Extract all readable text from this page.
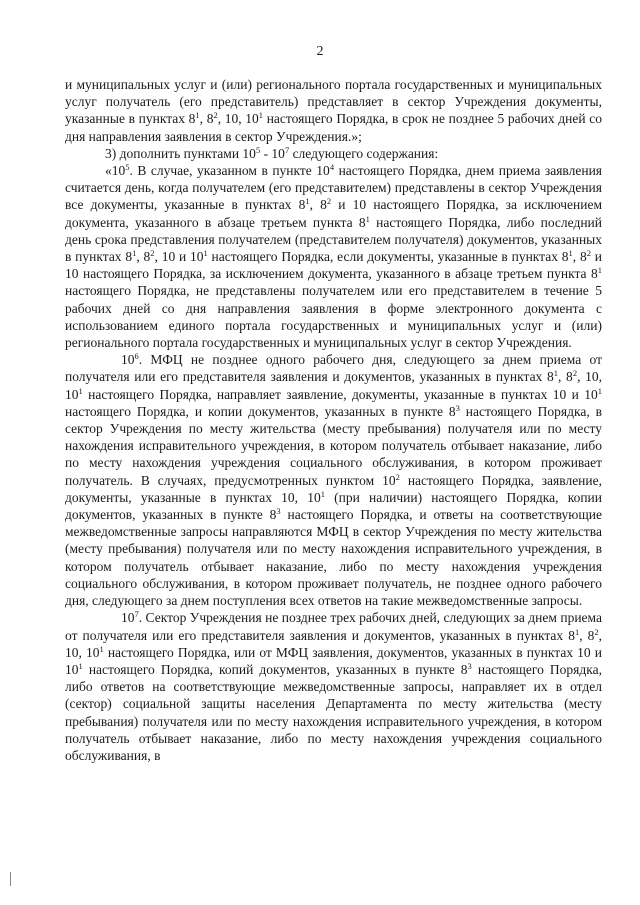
2

и муниципальных услуг и (или) регионального портала государственных и муниципальных услуг получатель (его представитель) представляет в сектор Учреждения документы, указанные в пунктах $8^1$, $8^2$, 10, $10^1$ настоящего Порядка, в срок не позднее 5 рабочих дней со дня направления заявления в сектор Учреждения.»;

3) дополнить пунктами $10^5 - 10^7$ следующего содержания:

«$10^5$. В случае, указанном в пункте $10^4$ настоящего Порядка, днем приема заявления считается день, когда получателем (его представителем) представлены в сектор Учреждения все документы, указанные в пунктах $8^1$, $8^2$ и 10 настоящего Порядка, за исключением документа, указанного в абзаце третьем пункта $8^1$ настоящего Порядка, либо последний день срока представления получателем (представителем получателя) документов, указанных в пунктах $8^1$, $8^2$, 10 и $10^1$ настоящего Порядка, если документы, указанные в пунктах $8^1$, $8^2$ и 10 настоящего Порядка, за исключением документа, указанного в абзаце третьем пункта $8^1$ настоящего Порядка, не представлены получателем или его представителем в течение 5 рабочих дней со дня направления заявления в форме электронного документа с использованием единого портала государственных и муниципальных услуг и (или) регионального портала государственных и муниципальных услуг в сектор Учреждения.

$10^6$. МФЦ не позднее одного рабочего дня, следующего за днем приема от получателя или его представителя заявления и документов, указанных в пунктах $8^1$, $8^2$, 10, $10^1$ настоящего Порядка, направляет заявление, документы, указанные в пунктах 10 и $10^1$ настоящего Порядка, и копии документов, указанных в пункте $8^3$ настоящего Порядка, в сектор Учреждения по месту жительства (месту пребывания) получателя или по месту нахождения исправительного учреждения, в котором получатель отбывает наказание, либо по месту нахождения учреждения социального обслуживания, в котором проживает получатель. В случаях, предусмотренных пунктом $10^2$ настоящего Порядка, заявление, документы, указанные в пунктах 10, $10^1$ (при наличии) настоящего Порядка, копии документов, указанных в пункте $8^3$ настоящего Порядка, и ответы на соответствующие межведомственные запросы направляются МФЦ в сектор Учреждения по месту жительства (месту пребывания) получателя или по месту нахождения исправительного учреждения, в котором получатель отбывает наказание, либо по месту нахождения учреждения социального обслуживания, в котором проживает получатель, не позднее одного рабочего дня, следующего за днем поступления всех ответов на такие межведомственные запросы.

$10^7$. Сектор Учреждения не позднее трех рабочих дней, следующих за днем приема от получателя или его представителя заявления и документов, указанных в пунктах $8^1$, $8^2$, 10, $10^1$ настоящего Порядка, или от МФЦ заявления, документов, указанных в пунктах 10 и $10^1$ настоящего Порядка, копий документов, указанных в пункте $8^3$ настоящего Порядка, либо ответов на соответствующие межведомственные запросы, направляет их в отдел (сектор) социальной защиты населения Департамента по месту жительства (месту пребывания) получателя или по месту нахождения исправительного учреждения, в котором получатель отбывает наказание, либо по месту нахождения учреждения социального обслуживания, в
